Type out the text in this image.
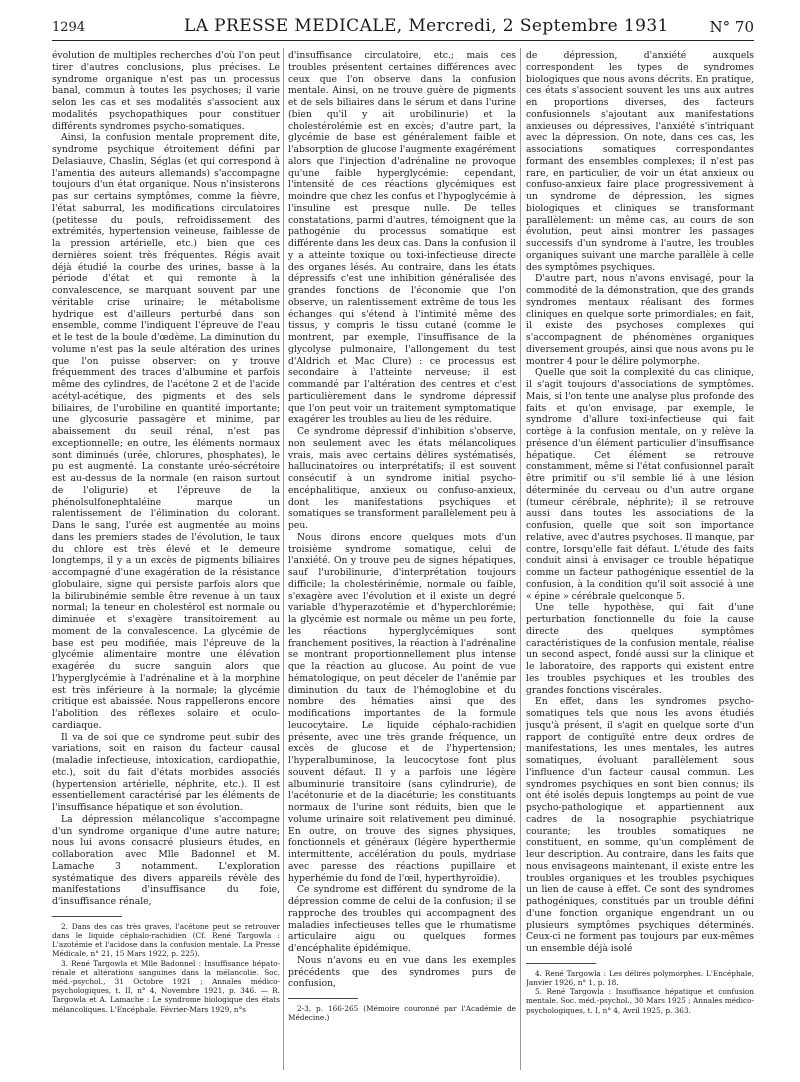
1294	LA PRESSE MEDICALE, Mercredi, 2 Septembre 1931	N° 70

évolution de multiples recherches d'où l'on peut tirer d'autres conclusions, plus précises. Le syndrome organique n'est pas un processus banal, commun à toutes les psychoses; il varie selon les cas et ses modalités s'associent aux modalités psychopathiques pour constituer différents syndromes psycho-somatiques.

Ainsi, la confusion mentale proprement dite, syndrome psychique étroitement défini par Delasiauve, Chaslin, Séglas (et qui correspond à l'amentia des auteurs allemands) s'accompagne toujours d'un état organique. Nous n'insisterons pas sur certains symptômes, comme la fièvre, l'état saburral, les modifications circulatoires (petitesse du pouls, refroidissement des extrémités, hypertension veineuse, faiblesse de la pression artérielle, etc.) bien que ces dernières soient très fréquentes. Régis avait déjà étudié la courbe des urines, basse à la période d'état et qui remonte à la convalescence, se marquant souvent par une véritable crise urinaire; le métabolisme hydrique est d'ailleurs perturbé dans son ensemble, comme l'indiquent l'épreuve de l'eau et le test de la boule d'œdème. La diminution du volume n'est pas la seule altération des urines que l'on puisse observer: on y trouve fréquemment des traces d'albumine et parfois même des cylindres, de l'acétone 2 et de l'acide acétyl-acétique, des pigments et des sels biliaires, de l'urobiline en quantité importante; une glycosurie passagère et minime, par abaissement du seuil rénal, n'est pas exceptionnelle; en outre, les éléments normaux sont diminués (urée, chlorures, phosphates), le pu est augmenté. La constante uréo-sécrétoire est au-dessus de la normale (en raison surtout de l'oligurie) et l'épreuve de la phénolsulfonephtaléine marque un ralentissement de l'élimination du colorant. Dans le sang, l'urée est augmentée au moins dans les premiers stades de l'évolution, le taux du chlore est très élevé et le demeure longtemps, il y a un excès de pigments biliaires accompagné d'une exagération de la résistance globulaire, signe qui persiste parfois alors que la bilirubinémie semble être revenue à un taux normal; la teneur en cholestérol est normale ou diminuée et s'exagère transitoirement au moment de la convalescence. La glycémie de base est peu modifiée, mais l'épreuve de la glycémie alimentaire montre une élévation exagérée du sucre sanguin alors que l'hyperglycémie à l'adrénaline et à la morphine est très inférieure à la normale; la glycémie critique est abaissée. Nous rappellerons encore l'abolition des réflexes solaire et oculo-cardiaque.

Il va de soi que ce syndrome peut subir des variations, soit en raison du facteur causal (maladie infectieuse, intoxication, cardiopathie, etc.), soit du fait d'états morbides associés (hypertension artérielle, néphrite, etc.). Il est essentiellement caractérisé par les éléments de l'insuffisance hépatique et son évolution.

La dépression mélancolique s'accompagne d'un syndrome organique d'une autre nature; nous lui avons consacré plusieurs études, en collaboration avec Mlle Badonnel et M. Lamache 3 notamment. L'exploration systématique des divers appareils révèle des manifestations d'insuffisance du foie, d'insuffisance rénale,

2. Dans des cas très graves, l'acétone peut se retrouver dans le liquide céphalo-rachidien (Cf. René Targowla : L'azotémie et l'acidose dans la confusion mentale. La Presse Médicale, n° 21, 15 Mars 1922, p. 225).

3. René Targowla et Mlle Badonnel : Insuffisance hépato-rénale et altérations sanguines dans la mélancolie. Soc. méd.-psychol., 31 Octobre 1921 ; Annales médico-psychologiques, t. II, n° 4, Novembre 1921, p. 346. — R. Targowla et A. Lamache : Le syndrome biologique des états mélancoliques. L'Encéphale. Février-Mars 1929, n°s

d'insuffisance circulatoire, etc.; mais ces troubles présentent certaines différences avec ceux que l'on observe dans la confusion mentale. Ainsi, on ne trouve guère de pigments et de sels biliaires dans le sérum et dans l'urine (bien qu'il y ait urobilinurie) et la cholestérolémie est en excès; d'autre part, la glycémie de base est généralement faible et l'absorption de glucose l'augmente exagérément alors que l'injection d'adrénaline ne provoque qu'une faible hyperglycémie: cependant, l'intensité de ces réactions glycémiques est moindre que chez les confus et l'hypoglycémie à l'insuline est presque nulle. De telles constatations, parmi d'autres, témoignent que la pathogénie du processus somatique est différente dans les deux cas. Dans la confusion il y a atteinte toxique ou toxi-infectieuse directe des organes lésés. Au contraire, dans les états dépressifs c'est une inhibition généralisée des grandes fonctions de l'économie que l'on observe, un ralentissement extrême de tous les échanges qui s'étend à l'intimité même des tissus, y compris le tissu cutané (comme le montrent, par exemple, l'insuffisance de la glycolyse pulmonaire, l'allongement du test d'Aldrich et Mac Clure) : ce processus est secondaire à l'atteinte nerveuse; il est commandé par l'altération des centres et c'est particulièrement dans le syndrome dépressif que l'on peut voir un traitement symptomatique exagérer les troubles au lieu de les réduire.

Ce syndrome dépressif d'inhibition s'observe, non seulement avec les états mélancoliques vrais, mais avec certains délires systématisés, hallucinatoires ou interprétatifs; il est souvent consécutif à un syndrome initial psycho-encéphalitique, anxieux ou confuso-anxieux, dont les manifestations psychiques et somatiques se transforment parallèlement peu à peu.

Nous dirons encore quelques mots d'un troisième syndrome somatique, celui de l'anxiété. On y trouve peu de signes hépatiques, sauf l'urobilinurie, d'interprétation toujours difficile; la cholestérinémie, normale ou faible, s'exagère avec l'évolution et il existe un degré variable d'hyperazotémie et d'hyperchlorémie; la glycémie est normale ou même un peu forte, les réactions hyperglycémiques sont franchement positives, la réaction à l'adrénaline se montrant proportionnellement plus intense que la réaction au glucose. Au point de vue hématologique, on peut déceler de l'anémie par diminution du taux de l'hémoglobine et du nombre des hématies ainsi que des modifications importantes de la formule leucocytaire. Le liquide céphalo-rachidien présente, avec une très grande fréquence, un excès de glucose et de l'hypertension; l'hyperalbuminose, la leucocytose font plus souvent défaut. Il y a parfois une légère albuminurie transitoire (sans cylindrurie), de l'acétonurie et de la diacéturie; les constituants normaux de l'urine sont réduits, bien que le volume urinaire soit relativement peu diminué. En outre, on trouve des signes physiques, fonctionnels et généraux (légère hyperthermie intermittente, accélération du pouls, mydriase avec paresse des réactions pupillaire et hyperhémie du fond de l'œil, hyperthyroïdie).

Ce syndrome est différent du syndrome de la dépression comme de celui de la confusion; il se rapproche des troubles qui accompagnent des maladies infectieuses telles que le rhumatisme articulaire aigu ou quelques formes d'encéphalite épidémique.

Nous n'avons eu en vue dans les exemples précédents que des syndromes purs de confusion,

2-3, p. 166-265 (Mémoire couronné par l'Académie de Médecine.)

de dépression, d'anxiété auxquels correspondent les types de syndromes biologiques que nous avons décrits. En pratique, ces états s'associent souvent les uns aux autres en proportions diverses, des facteurs confusionnels s'ajoutant aux manifestations anxieuses ou dépressives, l'anxiété s'intriquant avec la dépression. On note, dans ces cas, les associations somatiques correspondantes formant des ensembles complexes; il n'est pas rare, en particulier, de voir un état anxieux ou confuso-anxieux faire place progressivement à un syndrome de dépression, les signes biologiques et cliniques se transformant parallèlement: un même cas, au cours de son évolution, peut ainsi montrer les passages successifs d'un syndrome à l'autre, les troubles organiques suivant une marche parallèle à celle des symptômes psychiques.

D'autre part, nous n'avons envisagé, pour la commodité de la démonstration, que des grands syndromes mentaux réalisant des formes cliniques en quelque sorte primordiales; en fait, il existe des psychoses complexes qui s'accompagnent de phénomènes organiques diversement groupés, ainsi que nous avons pu le montrer 4 pour le délire polymorphe.

Quelle que soit la complexité du cas clinique, il s'agit toujours d'associations de symptômes. Mais, si l'on tente une analyse plus profonde des faits et qu'on envisage, par exemple, le syndrome d'allure toxi-infectieuse qui fait cortège à la confusion mentale, on y relève la présence d'un élément particulier d'insuffisance hépatique. Cet élément se retrouve constamment, même si l'état confusionnel paraît être primitif ou s'il semble lié à une lésion déterminée du cerveau ou d'un autre organe (tumeur cérébrale, néphrite); il se retrouve aussi dans toutes les associations de la confusion, quelle que soit son importance relative, avec d'autres psychoses. Il manque, par contre, lorsqu'elle fait défaut. L'étude des faits conduit ainsi à envisager ce trouble hépatique comme un facteur pathogénique essentiel de la confusion, à la condition qu'il soit associé à une « épine » cérébrale quelconque 5.

Une telle hypothèse, qui fait d'une perturbation fonctionnelle du foie la cause directe des quelques symptômes caractéristiques de la confusion mentale, réalise un second aspect, fondé aussi sur la clinique et le laboratoire, des rapports qui existent entre les troubles psychiques et les troubles des grandes fonctions viscérales.

En effet, dans les syndromes psycho-somatiques tels que nous les avons étudiés jusqu'à présent, il s'agit en quelque sorte d'un rapport de contiguïté entre deux ordres de manifestations, les unes mentales, les autres somatiques, évoluant parallèlement sous l'influence d'un facteur causal commun. Les syndromes psychiques en sont bien connus; ils ont été isolés depuis longtemps au point de vue psycho-pathologique et appartiennent aux cadres de la nosographie psychiatrique courante; les troubles somatiques ne constituent, en somme, qu'un complément de leur description. Au contraire, dans les faits que nous envisageons maintenant, il existe entre les troubles organiques et les troubles psychiques un lien de cause à effet. Ce sont des syndromes pathogéniques, constitués par un trouble défini d'une fonction organique engendrant un ou plusieurs symptômes psychiques déterminés. Ceux-ci ne forment pas toujours par eux-mêmes un ensemble déjà isolé

4. René Targowla : Les délires polymorphes. L'Encéphale, Janvier 1926, n° 1, p. 18.

5. René Targowla : Insuffisance hépatique et confusion mentale. Soc. méd.-psychol., 30 Mars 1925 ; Annales médico-psychologiques, t. I, n° 4, Avril 1925, p. 363.
